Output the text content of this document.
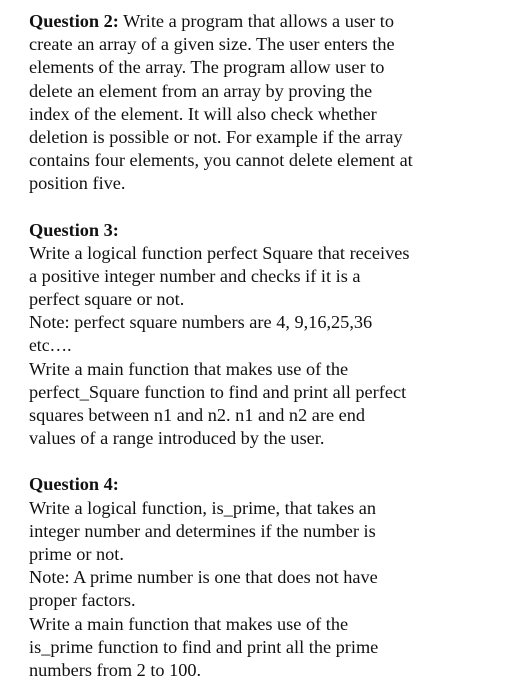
Question 2: Write a program that allows a user to
create an array of a given size. The user enters the
elements of the array. The program allow user to
delete an element from an array by proving the
index of the element. It will also check whether
deletion is possible or not. For example if the array
contains four elements, you cannot delete element at
position five.
Question 3:
Write a logical function perfect Square that receives
a positive integer number and checks if it is a
perfect square or not.
Note: perfect square numbers are 4, 9,16,25,36
etc….
Write a main function that makes use of the
perfect_Square function to find and print all perfect
squares between n1 and n2. n1 and n2 are end
values of a range introduced by the user.
Question 4:
Write a logical function, is_prime, that takes an
integer number and determines if the number is
prime or not.
Note: A prime number is one that does not have
proper factors.
Write a main function that makes use of the
is_prime function to find and print all the prime
numbers from 2 to 100.
